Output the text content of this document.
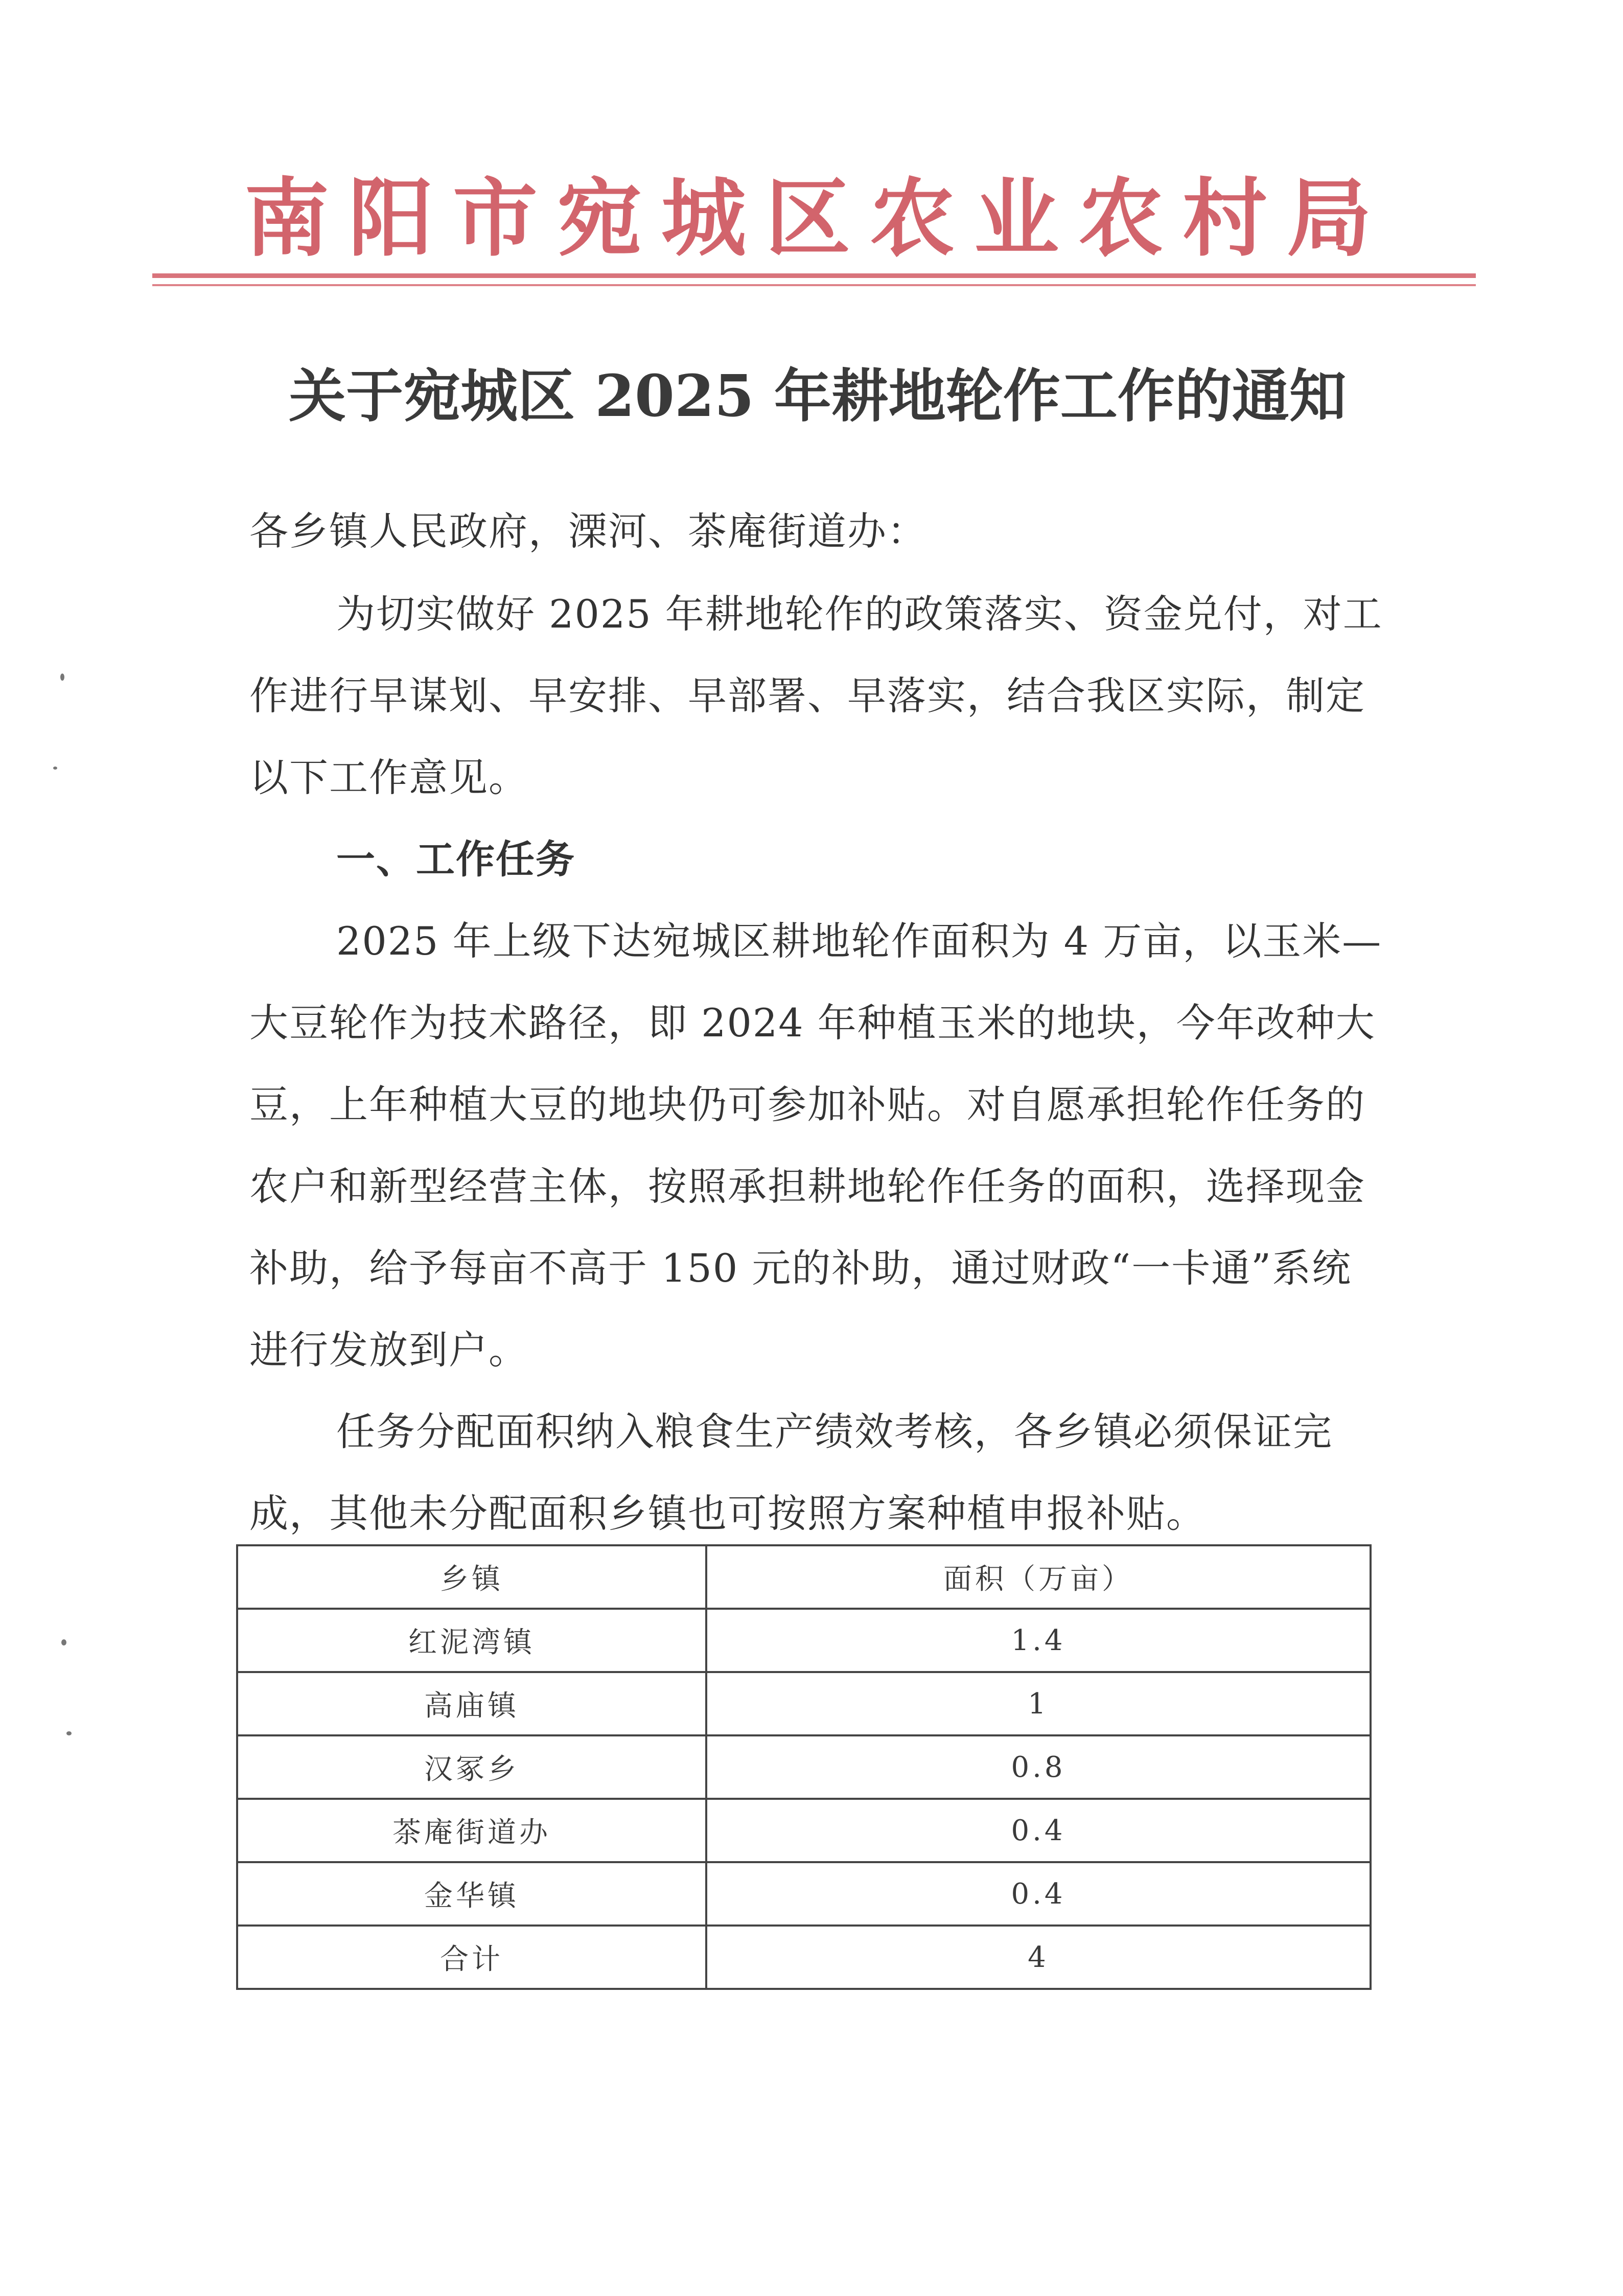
南阳市宛城区农业农村局
关于宛城区 2025 年耕地轮作工作的通知
各乡镇人民政府，溧河、茶庵街道办：
为切实做好 2025 年耕地轮作的政策落实、资金兑付，对工作进行早谋划、早安排、早部署、早落实，结合我区实际，制定以下工作意见。
一、工作任务
2025 年上级下达宛城区耕地轮作面积为 4 万亩，以玉米—大豆轮作为技术路径，即 2024 年种植玉米的地块，今年改种大豆，上年种植大豆的地块仍可参加补贴。对自愿承担轮作任务的农户和新型经营主体，按照承担耕地轮作任务的面积，选择现金补助，给予每亩不高于 150 元的补助，通过财政“一卡通”系统进行发放到户。
任务分配面积纳入粮食生产绩效考核，各乡镇必须保证完成，其他未分配面积乡镇也可按照方案种植申报补贴。
乡镇	面积（万亩）
红泥湾镇	1.4
高庙镇	1
汉冢乡	0.8
茶庵街道办	0.4
金华镇	0.4
合计	4
